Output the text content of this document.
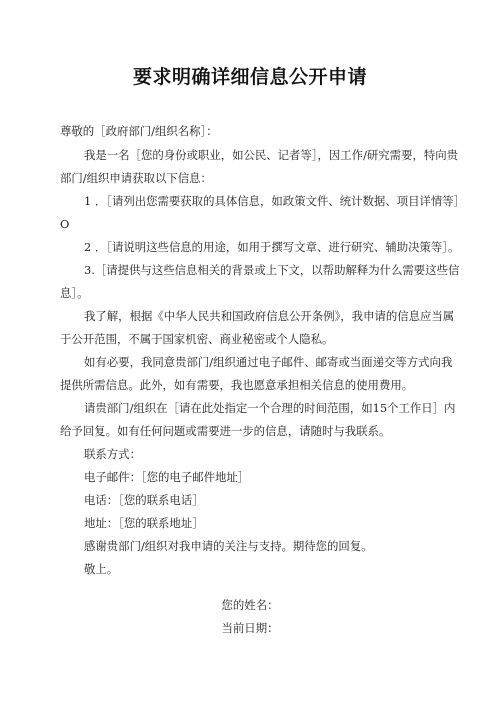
要求明确详细信息公开申请
尊敬的［政府部门/组织名称］：
我是一名［您的身份或职业，如公民、记者等］，因工作/研究需要，特向贵
部门/组织申请获取以下信息：
1 ．［请列出您需要获取的具体信息，如政策文件、统计数据、项目详情等］
O
2 ．［请说明这些信息的用途，如用于撰写文章、进行研究、辅助决策等］。
3.［请提供与这些信息相关的背景或上下文，以帮助解释为什么需要这些信
息］。
我了解，根据《中华人民共和国政府信息公开条例》，我申请的信息应当属
于公开范围，不属于国家机密、商业秘密或个人隐私。
如有必要，我同意贵部门/组织通过电子邮件、邮寄或当面递交等方式向我
提供所需信息。此外，如有需要，我也愿意承担相关信息的使用费用。
请贵部门/组织在［请在此处指定一个合理的时间范围，如15个工作日］内
给予回复。如有任何问题或需要进一步的信息，请随时与我联系。
联系方式：
电子邮件：［您的电子邮件地址］
电话：［您的联系电话］
地址：［您的联系地址］
感谢贵部门/组织对我申请的关注与支持。期待您的回复。
敬上。
您的姓名：
当前日期：
